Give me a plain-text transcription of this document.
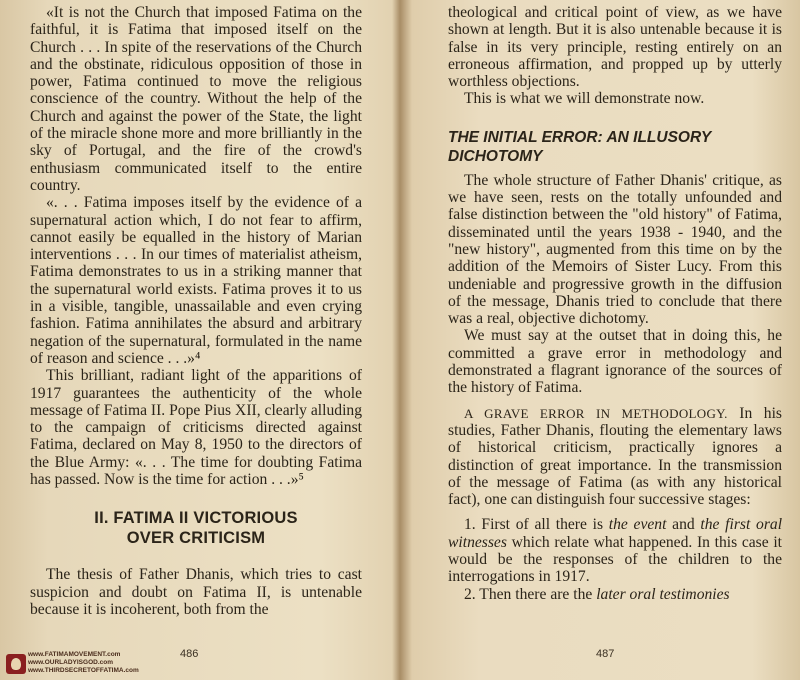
«It is not the Church that imposed Fatima on the faithful, it is Fatima that imposed itself on the Church . . . In spite of the reservations of the Church and the obstinate, ridiculous opposition of those in power, Fatima continued to move the religious conscience of the country. Without the help of the Church and against the power of the State, the light of the miracle shone more and more brilliantly in the sky of Portugal, and the fire of the crowd's enthusiasm communicated itself to the entire country.

«. . . Fatima imposes itself by the evidence of a supernatural action which, I do not fear to affirm, cannot easily be equalled in the history of Marian interventions . . . In our times of materialist atheism, Fatima demonstrates to us in a striking manner that the supernatural world exists. Fatima proves it to us in a visible, tangible, unassailable and even crying fashion. Fatima annihilates the absurd and arbitrary negation of the supernatural, formulated in the name of reason and science . . .»⁴

This brilliant, radiant light of the apparitions of 1917 guarantees the authenticity of the whole message of Fatima II. Pope Pius XII, clearly alluding to the campaign of criticisms directed against Fatima, declared on May 8, 1950 to the directors of the Blue Army: «. . . The time for doubting Fatima has passed. Now is the time for action . . .»⁵

II. FATIMA II VICTORIOUS
OVER CRITICISM

The thesis of Father Dhanis, which tries to cast suspicion and doubt on Fatima II, is untenable because it is incoherent, both from the

486
www.FATIMAMOVEMENT.com
www.OURLADYISGOD.com
www.THIRDSECRETOFFATIMA.com

theological and critical point of view, as we have shown at length. But it is also untenable because it is false in its very principle, resting entirely on an erroneous affirmation, and propped up by utterly worthless objections.

This is what we will demonstrate now.

THE INITIAL ERROR: AN ILLUSORY
DICHOTOMY

The whole structure of Father Dhanis' critique, as we have seen, rests on the totally unfounded and false distinction between the "old history" of Fatima, disseminated until the years 1938 - 1940, and the "new history", augmented from this time on by the addition of the Memoirs of Sister Lucy. From this undeniable and progressive growth in the diffusion of the message, Dhanis tried to conclude that there was a real, objective dichotomy.

We must say at the outset that in doing this, he committed a grave error in methodology and demonstrated a flagrant ignorance of the sources of the history of Fatima.

A GRAVE ERROR IN METHODOLOGY. In his studies, Father Dhanis, flouting the elementary laws of historical criticism, practically ignores a distinction of great importance. In the transmission of the message of Fatima (as with any historical fact), one can distinguish four successive stages:

1. First of all there is the event and the first oral witnesses which relate what happened. In this case it would be the responses of the children to the interrogations in 1917.

2. Then there are the later oral testimonies

487
